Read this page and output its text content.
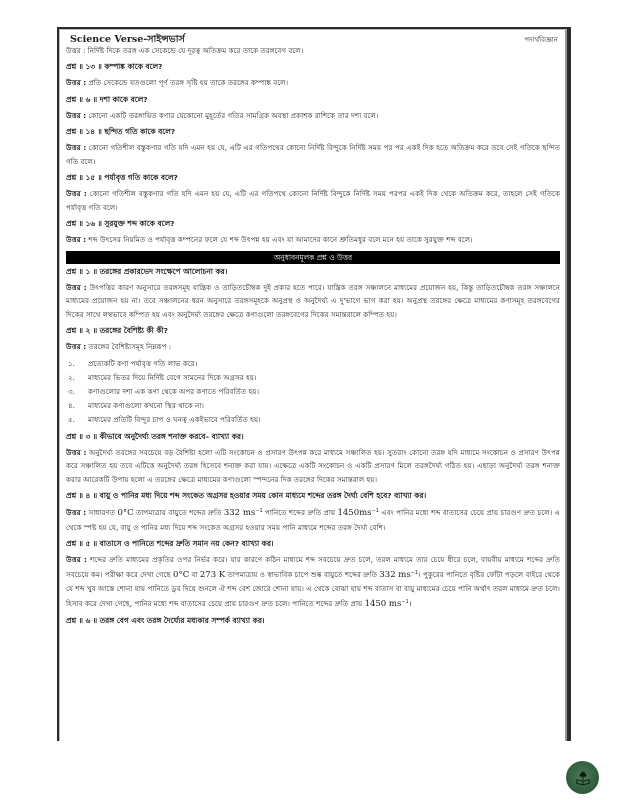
Science Verse-সাইন্সভার্স	পদার্থবিজ্ঞান
উত্তর : নির্দিষ্ট দিকে তরঙ্গ এক সেকেন্ডে যে দূরত্ব অতিক্রম করে তাকে তরঙ্গবেগ বলে।
প্রশ্ন ॥ ১৩ ॥ কম্পাঙ্ক কাকে বলে?
উত্তর : প্রতি সেকেন্ডে যতগুলো পূর্ণ তরঙ্গ সৃষ্টি হয় তাকে তরঙ্গের কম্পাঙ্ক বলে।
প্রশ্ন ॥ ৬ ॥ দশা কাকে বলে?
উত্তর : কোনো একটি তরঙ্গায়িত কণার যেকোনো মুহূর্তের গতির সামগ্রিক অবস্থা প্রকাশক রাশিকে তার দশা বলে।
প্রশ্ন ॥ ১৪ ॥ ছন্দিত গতি কাকে বলে?
উত্তর : কোনো গতিশীল বস্তুকণার গতি যদি এমন হয় যে, এটি এর গতিপথের কোনো নির্দিষ্ট বিন্দুকে নির্দিষ্ট সময় পর পর একই দিক হতে অতিক্রম করে তবে সেই গতিকে ছন্দিত গতি বলে।
প্রশ্ন ॥ ১৫ ॥ পর্যাবৃত্ত গতি কাকে বলে?
উত্তর : কোনো গতিশীল বস্তুকণার গতি যদি এমন হয় যে, এটি এর গতিপথে কোনো নির্দিষ্ট বিন্দুকে নির্দিষ্ট সময় পরপর একই দিক থেকে অতিক্রম করে, তাহলে সেই গতিকে পর্যাবৃত্ত গতি বলে।
প্রশ্ন ॥ ১৬ ॥ সুরযুক্ত শব্দ কাকে বলে?
উত্তর : শব্দ উৎসের নিয়মিত ও পর্যাবৃত্ত কম্পনের ফলে যে শব্দ উৎপন্ন হয় এবং যা আমাদের কানে শ্রুতিমধুর বলে মনে হয় তাকে সুরযুক্ত শব্দ বলে।
অনুধাবনমূলক প্রশ্ন ও উত্তর
প্রশ্ন ॥ ১ ॥ তরঙ্গের প্রকারভেদ সংক্ষেপে আলোচনা কর।
উত্তর : উৎপত্তির কারণ অনুসারে তরঙ্গসমূহ যান্ত্রিক ও তাড়িতচৌম্বক দুই প্রকার হতে পারে। যান্ত্রিক তরঙ্গ সঞ্চালনে মাধ্যমের প্রয়োজন হয়, কিন্তু তাড়িতচৌম্বক তরঙ্গ সঞ্চালনে মাধ্যমের প্রয়োজন হয় না। তবে সঞ্চালনের ধরন অনুসারে তরঙ্গসমূহকে অনুপ্রস্থ ও অনুদৈর্ঘ্য এ দু'ভাগে ভাগ করা হয়। অনুপ্রস্থ তরঙ্গের ক্ষেত্রে মাধ্যমের কণাসমূহ তরঙ্গবেগের দিকের সাথে লম্বভাবে কম্পিত হয় এবং অনুদৈর্ঘ্য তরঙ্গের ক্ষেত্রে কণাগুলো তরঙ্গবেগের দিকের সমান্তরালে কম্পিত হয়।
প্রশ্ন ॥ ২ ॥ তরঙ্গের বৈশিষ্ট্য কী কী?
উত্তর : তরঙ্গের বৈশিষ্ট্যসমূহ নিম্নরূপ :
১.	প্রত্যেকটি কণা পর্যাবৃত্ত গতি লাভ করে।
২.	মাধ্যমের ভিতর দিয়ে নির্দিষ্ট বেগে সামনের দিকে অগ্রসর হয়।
৩.	কণাগুলোর দশা এক কণা থেকে অপর কণাতে পরিবর্তিত হয়।
৪.	মাধ্যমের কণাগুলো কখনো স্থির থাকে না।
৫.	মাধ্যমের প্রতিটি বিন্দুর চাপ ও ঘনত্ব একইভাবে পরিবর্তিত হয়।
প্রশ্ন ॥ ৩ ॥ কীভাবে অনুদৈর্ঘ্য তরঙ্গ শনাক্ত করবে– ব্যাখ্যা কর।
উত্তর : অনুদৈর্ঘ্য তরঙ্গের সবচেয়ে বড় বৈশিষ্ট্য হলো এটি সংকোচন ও প্রসারণ উৎপন্ন করে মাধ্যমে সঞ্চালিত হয়। সুতরাং কোনো তরঙ্গ যদি মাধ্যমে সংকোচন ও প্রসারণ উৎপন্ন করে সঞ্চালিত হয় তবে এটিকে অনুদৈর্ঘ্য তরঙ্গ হিসেবে শনাক্ত করা যায়। এক্ষেত্রে একটি সংকোচন ও একটি প্রসারণ মিলে তরঙ্গদৈর্ঘ্য গঠিত হয়। এছাড়া অনুদৈর্ঘ্য তরঙ্গ শনাক্ত করার আরেকটি উপায় হলো এ তরঙ্গের ক্ষেত্রে মাধ্যমের কণাগুলো স্পন্দনের দিক তরঙ্গের দিকের সমান্তরাল হয়।
প্রশ্ন ॥ ৪ ॥ বায়ু ও পানির মধ্য দিয়ে শব্দ সংকেত অগ্রসর হওয়ার সময় কোন মাধ্যমে শব্দের তরঙ্গ দৈর্ঘ্য বেশি হবে? ব্যাখ্যা কর।
উত্তর : সাধারণত 0°C তাপমাত্রায় বায়ুতে শব্দের দ্রুতি 332 $ms^{-1}$ পানিতে শব্দের দ্রুতি প্রায় $1450ms^{-1}$ এবং পানির মধ্যে শব্দ বাতাসের চেয়ে প্রায় চারগুণ দ্রুত চলে। এ থেকে স্পষ্ট হয় যে, বায়ু ও পানির মধ্য দিয়ে শব্দ সংকেত অগ্রসর হওয়ার সময় পানি মাধ্যমে শব্দের তরঙ্গ দৈর্ঘ্য বেশি।
প্রশ্ন ॥ ৫ ॥ বাতাসে ও পানিতে শব্দের দ্রুতি সমান নয় কেন? ব্যাখ্যা কর।
উত্তর : শব্দের দ্রুতি মাধ্যমের প্রকৃতির ওপর নির্ভর করে। যার কারণে কঠিন মাধ্যমে শব্দ সবচেয়ে দ্রুত চলে, তরল মাধ্যমে তার চেয়ে ধীরে চলে, বায়বীয় মাধ্যমে শব্দের দ্রুতি সবচেয়ে কম। পরীক্ষা করে দেখা গেছে 0°C বা 273 K তাপমাত্রায় ও স্বাভাবিক চাপে শুষ্ক বায়ুতে শব্দের দ্রুতি 332 $ms^{-1}।$ পুকুরের পানিতে বৃষ্টির ফোঁটা পড়লে বাইরে থেকে যে শব্দ খুব আস্তে শোনা যায় পানিতে ডুব দিয়ে শুনলে ঐ শব্দ বেশ জোরে শোনা যায়। এ থেকে বোঝা যায় শব্দ বাতাস বা বায়ু মাধ্যমের চেয়ে পানি অর্থাৎ তরল মাধ্যমে দ্রুত চলে। হিসাব করে দেখা গেছে, পানির মধ্যে শব্দ বাতাসের চেয়ে প্রায় চারগুণ দ্রুত চলে। পানিতে শব্দের দ্রুতি প্রায় 1450 $ms^{-1}।$
প্রশ্ন ॥ ৬ ॥ তরঙ্গ বেগ এবং তরঙ্গ দৈর্ঘ্যের মধ্যকার সম্পর্ক ব্যাখ্যা কর।
